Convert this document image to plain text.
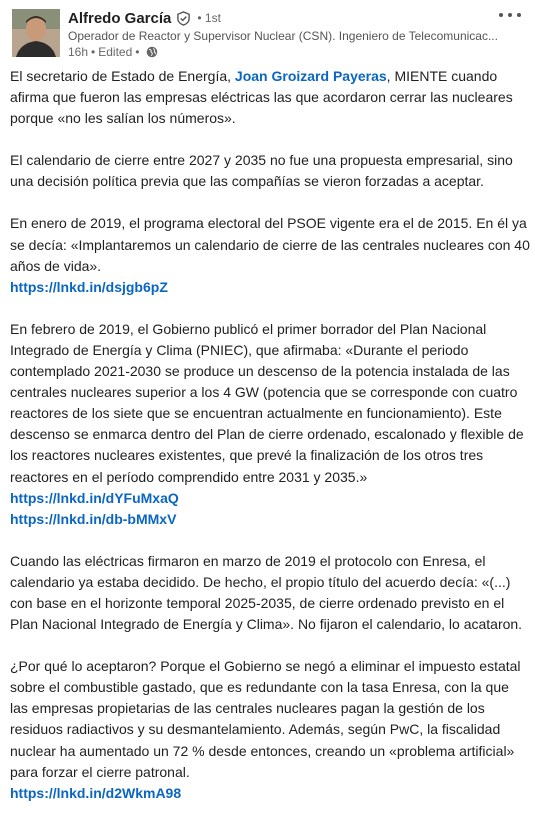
Alfredo García • 1st
Operador de Reactor y Supervisor Nuclear (CSN). Ingeniero de Telecomunicac...
16h • Edited •

El secretario de Estado de Energía, Joan Groizard Payeras, MIENTE cuando afirma que fueron las empresas eléctricas las que acordaron cerrar las nucleares porque «no les salían los números».

El calendario de cierre entre 2027 y 2035 no fue una propuesta empresarial, sino una decisión política previa que las compañías se vieron forzadas a aceptar.

En enero de 2019, el programa electoral del PSOE vigente era el de 2015. En él ya se decía: «Implantaremos un calendario de cierre de las centrales nucleares con 40 años de vida».

https://lnkd.in/dsjgb6pZ

En febrero de 2019, el Gobierno publicó el primer borrador del Plan Nacional Integrado de Energía y Clima (PNIEC), que afirmaba: «Durante el periodo contemplado 2021-2030 se produce un descenso de la potencia instalada de las centrales nucleares superior a los 4 GW (potencia que se corresponde con cuatro reactores de los siete que se encuentran actualmente en funcionamiento). Este descenso se enmarca dentro del Plan de cierre ordenado, escalonado y flexible de los reactores nucleares existentes, que prevé la finalización de los otros tres reactores en el período comprendido entre 2031 y 2035.»

https://lnkd.in/dYFuMxaQ
https://lnkd.in/db-bMMxV

Cuando las eléctricas firmaron en marzo de 2019 el protocolo con Enresa, el calendario ya estaba decidido. De hecho, el propio título del acuerdo decía: «(...) con base en el horizonte temporal 2025-2035, de cierre ordenado previsto en el Plan Nacional Integrado de Energía y Clima». No fijaron el calendario, lo acataron.

¿Por qué lo aceptaron? Porque el Gobierno se negó a eliminar el impuesto estatal sobre el combustible gastado, que es redundante con la tasa Enresa, con la que las empresas propietarias de las centrales nucleares pagan la gestión de los residuos radiactivos y su desmantelamiento. Además, según PwC, la fiscalidad nuclear ha aumentado un 72 % desde entonces, creando un «problema artificial» para forzar el cierre patronal.

https://lnkd.in/d2WkmA98
